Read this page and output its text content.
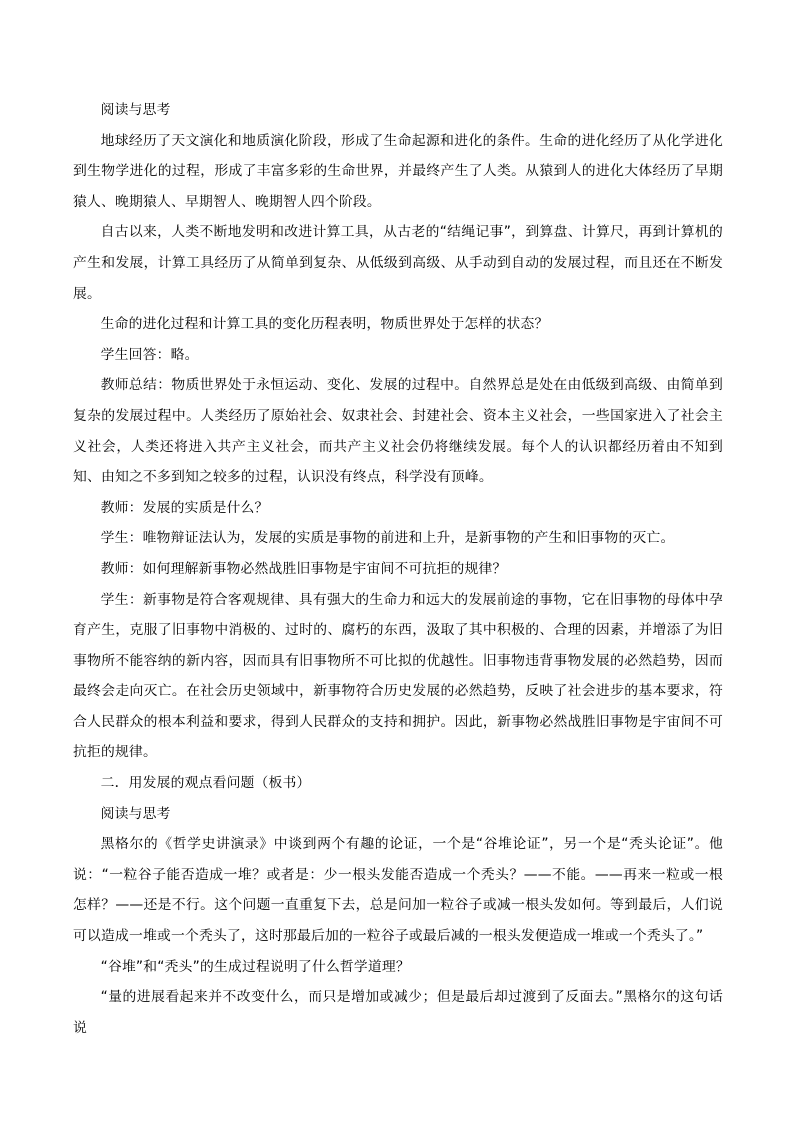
阅读与思考

地球经历了天文演化和地质演化阶段，形成了生命起源和进化的条件。生命的进化经历了从化学进化到生物学进化的过程，形成了丰富多彩的生命世界，并最终产生了人类。从猿到人的进化大体经历了早期猿人、晚期猿人、早期智人、晚期智人四个阶段。

自古以来，人类不断地发明和改进计算工具，从古老的“结绳记事”，到算盘、计算尺，再到计算机的产生和发展，计算工具经历了从简单到复杂、从低级到高级、从手动到自动的发展过程，而且还在不断发展。

生命的进化过程和计算工具的变化历程表明，物质世界处于怎样的状态？

学生回答：略。

教师总结：物质世界处于永恒运动、变化、发展的过程中。自然界总是处在由低级到高级、由简单到复杂的发展过程中。人类经历了原始社会、奴隶社会、封建社会、资本主义社会，一些国家进入了社会主义社会，人类还将进入共产主义社会，而共产主义社会仍将继续发展。每个人的认识都经历着由不知到知、由知之不多到知之较多的过程，认识没有终点，科学没有顶峰。

教师：发展的实质是什么？

学生：唯物辩证法认为，发展的实质是事物的前进和上升，是新事物的产生和旧事物的灭亡。

教师：如何理解新事物必然战胜旧事物是宇宙间不可抗拒的规律？

学生：新事物是符合客观规律、具有强大的生命力和远大的发展前途的事物，它在旧事物的母体中孕育产生，克服了旧事物中消极的、过时的、腐朽的东西，汲取了其中积极的、合理的因素，并增添了为旧事物所不能容纳的新内容，因而具有旧事物所不可比拟的优越性。旧事物违背事物发展的必然趋势，因而最终会走向灭亡。在社会历史领域中，新事物符合历史发展的必然趋势，反映了社会进步的基本要求，符合人民群众的根本利益和要求，得到人民群众的支持和拥护。因此，新事物必然战胜旧事物是宇宙间不可抗拒的规律。

二．用发展的观点看问题（板书）

阅读与思考

黑格尔的《哲学史讲演录》中谈到两个有趣的论证，一个是“谷堆论证”，另一个是“秃头论证”。他说：“一粒谷子能否造成一堆？或者是：少一根头发能否造成一个秃头？——不能。——再来一粒或一根怎样？——还是不行。这个问题一直重复下去，总是问加一粒谷子或减一根头发如何。等到最后，人们说可以造成一堆或一个秃头了，这时那最后加的一粒谷子或最后减的一根头发便造成一堆或一个秃头了。”

“谷堆”和“秃头”的生成过程说明了什么哲学道理？

“量的进展看起来并不改变什么，而只是增加或减少；但是最后却过渡到了反面去。”黑格尔的这句话说
